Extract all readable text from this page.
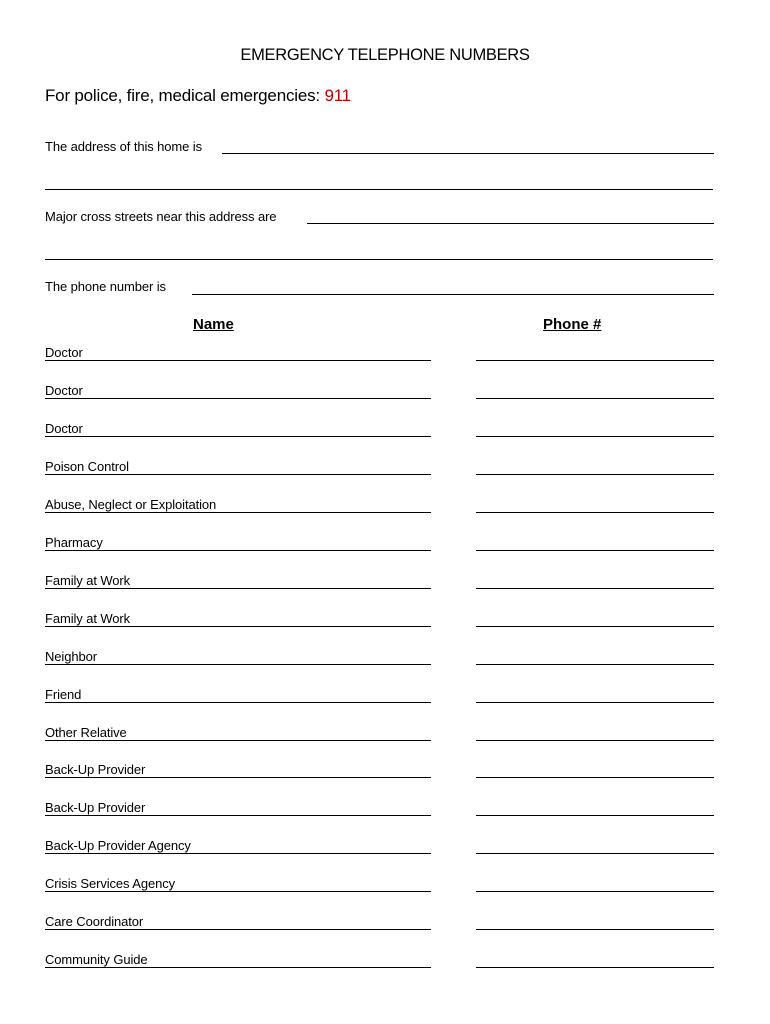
EMERGENCY TELEPHONE NUMBERS
For police, fire, medical emergencies: 911
The address of this home is
Major cross streets near this address are
The phone number is
Name	Phone #
Doctor
Doctor
Doctor
Poison Control
Abuse, Neglect or Exploitation
Pharmacy
Family at Work
Family at Work
Neighbor
Friend
Other Relative
Back-Up Provider
Back-Up Provider
Back-Up Provider Agency
Crisis Services Agency
Care Coordinator
Community Guide
